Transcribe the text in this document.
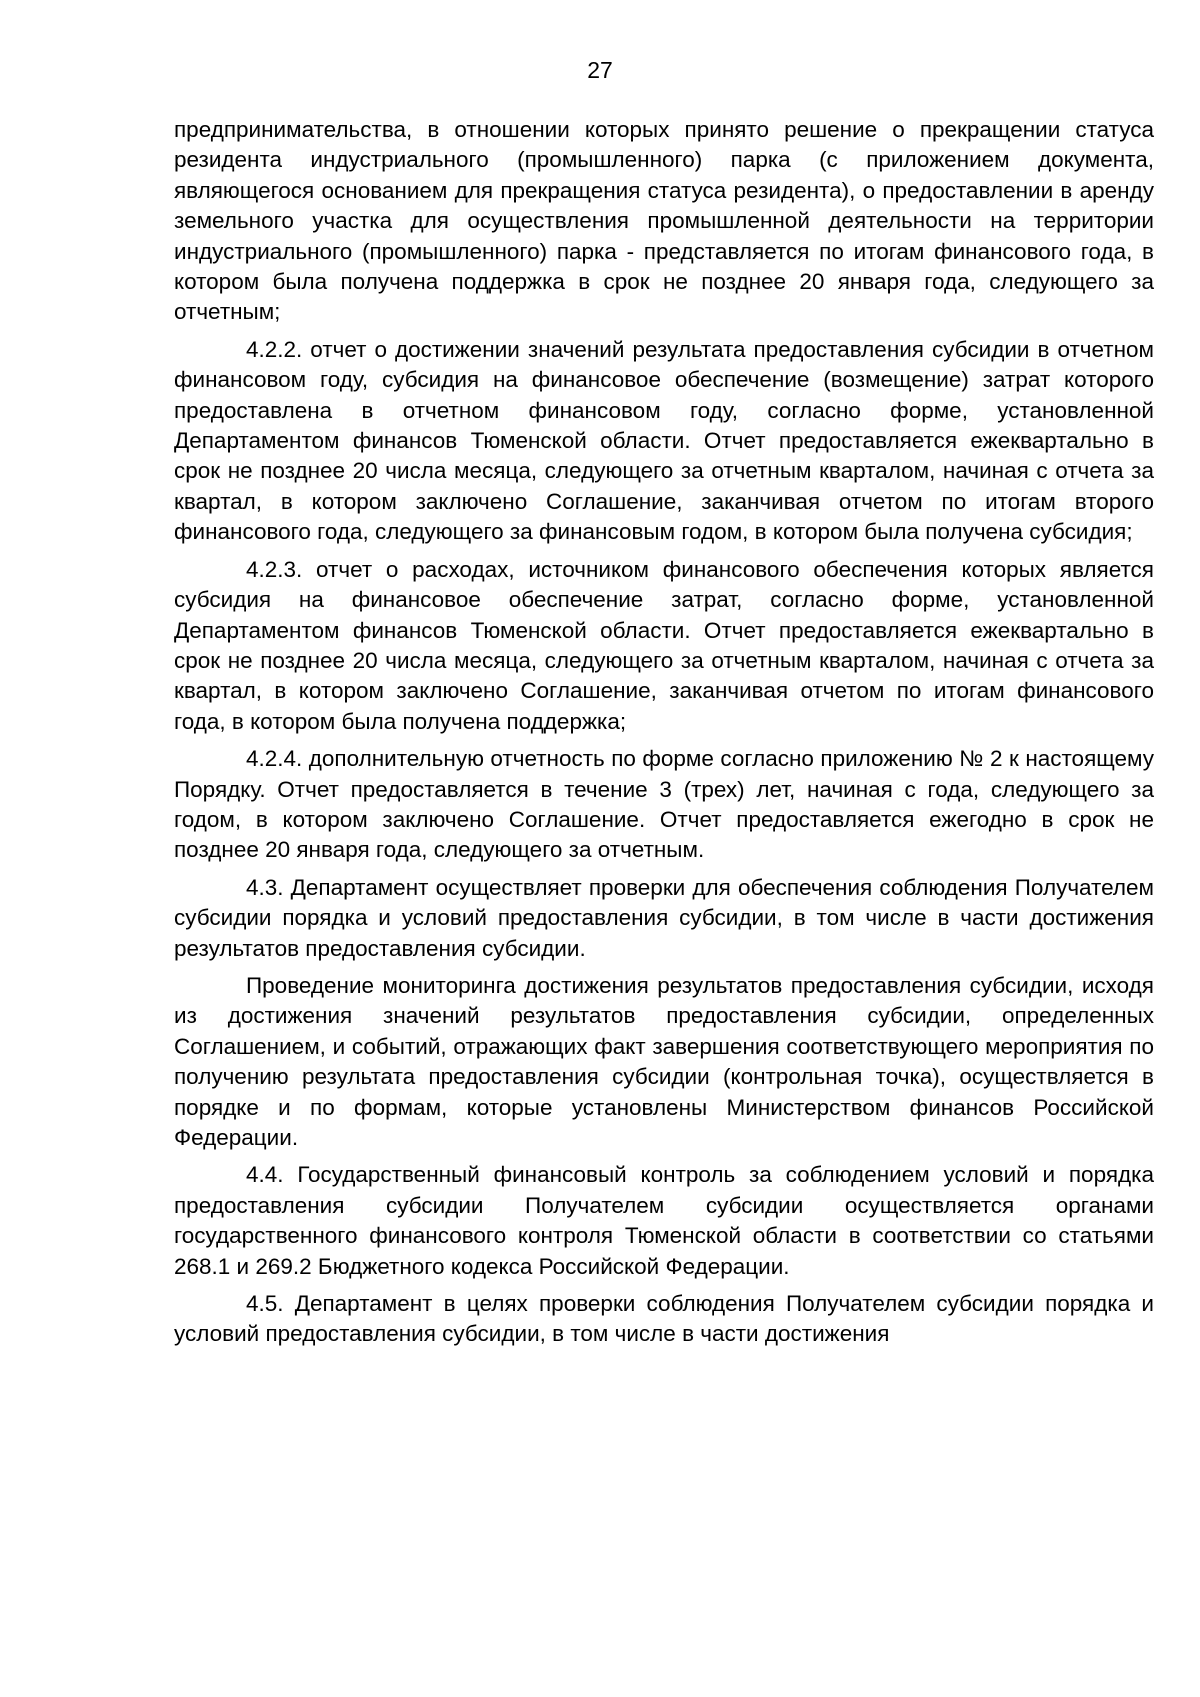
27

предпринимательства, в отношении которых принято решение о прекращении статуса резидента индустриального (промышленного) парка (с приложением документа, являющегося основанием для прекращения статуса резидента), о предоставлении в аренду земельного участка для осуществления промышленной деятельности на территории индустриального (промышленного) парка - представляется по итогам финансового года, в котором была получена поддержка в срок не позднее 20 января года, следующего за отчетным;

4.2.2. отчет о достижении значений результата предоставления субсидии в отчетном финансовом году, субсидия на финансовое обеспечение (возмещение) затрат которого предоставлена в отчетном финансовом году, согласно форме, установленной Департаментом финансов Тюменской области. Отчет предоставляется ежеквартально в срок не позднее 20 числа месяца, следующего за отчетным кварталом, начиная с отчета за квартал, в котором заключено Соглашение, заканчивая отчетом по итогам второго финансового года, следующего за финансовым годом, в котором была получена субсидия;

4.2.3. отчет о расходах, источником финансового обеспечения которых является субсидия на финансовое обеспечение затрат, согласно форме, установленной Департаментом финансов Тюменской области. Отчет предоставляется ежеквартально в срок не позднее 20 числа месяца, следующего за отчетным кварталом, начиная с отчета за квартал, в котором заключено Соглашение, заканчивая отчетом по итогам финансового года, в котором была получена поддержка;

4.2.4. дополнительную отчетность по форме согласно приложению № 2 к настоящему Порядку. Отчет предоставляется в течение 3 (трех) лет, начиная с года, следующего за годом, в котором заключено Соглашение. Отчет предоставляется ежегодно в срок не позднее 20 января года, следующего за отчетным.

4.3. Департамент осуществляет проверки для обеспечения соблюдения Получателем субсидии порядка и условий предоставления субсидии, в том числе в части достижения результатов предоставления субсидии.

Проведение мониторинга достижения результатов предоставления субсидии, исходя из достижения значений результатов предоставления субсидии, определенных Соглашением, и событий, отражающих факт завершения соответствующего мероприятия по получению результата предоставления субсидии (контрольная точка), осуществляется в порядке и по формам, которые установлены Министерством финансов Российской Федерации.

4.4. Государственный финансовый контроль за соблюдением условий и порядка предоставления субсидии Получателем субсидии осуществляется органами государственного финансового контроля Тюменской области в соответствии со статьями 268.1 и 269.2 Бюджетного кодекса Российской Федерации.

4.5. Департамент в целях проверки соблюдения Получателем субсидии порядка и условий предоставления субсидии, в том числе в части достижения
